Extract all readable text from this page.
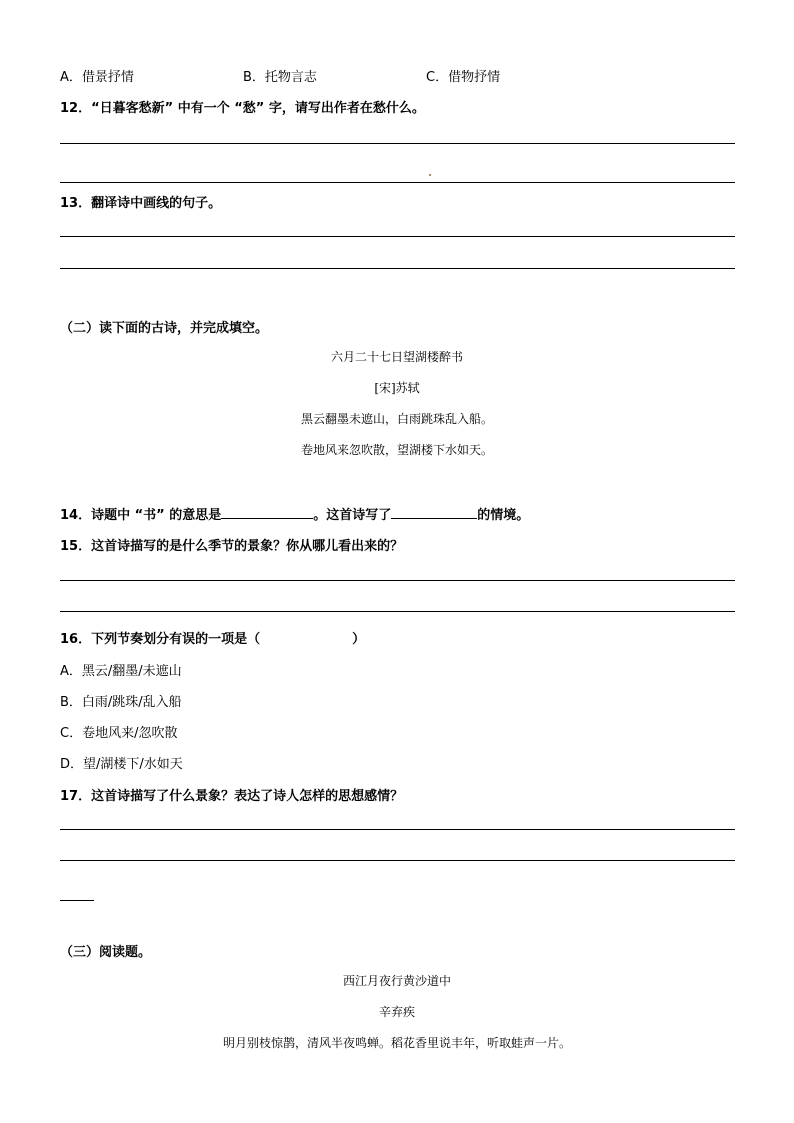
A．借景抒情	B．托物言志	C．借物抒情
12．“日暮客愁新” 中有一个 “愁” 字，请写出作者在愁什么。
13．翻译诗中画线的句子。
（二）读下面的古诗，并完成填空。
六月二十七日望湖楼醉书
[宋]苏轼
黑云翻墨未遮山，白雨跳珠乱入船。
卷地风来忽吹散，望湖楼下水如天。
14．诗题中 “书” 的意思是	。这首诗写了	的情境。
15．这首诗描写的是什么季节的景象？你从哪儿看出来的？
16．下列节奏划分有误的一项是（	）
A．黑云/翻墨/未遮山
B．白雨/跳珠/乱入船
C．卷地风来/忽吹散
D．望/湖楼下/水如天
17．这首诗描写了什么景象？表达了诗人怎样的思想感情？
（三）阅读题。
西江月夜行黄沙道中
辛弃疾
明月别枝惊鹊，清风半夜鸣蝉。稻花香里说丰年，听取蛙声一片。
